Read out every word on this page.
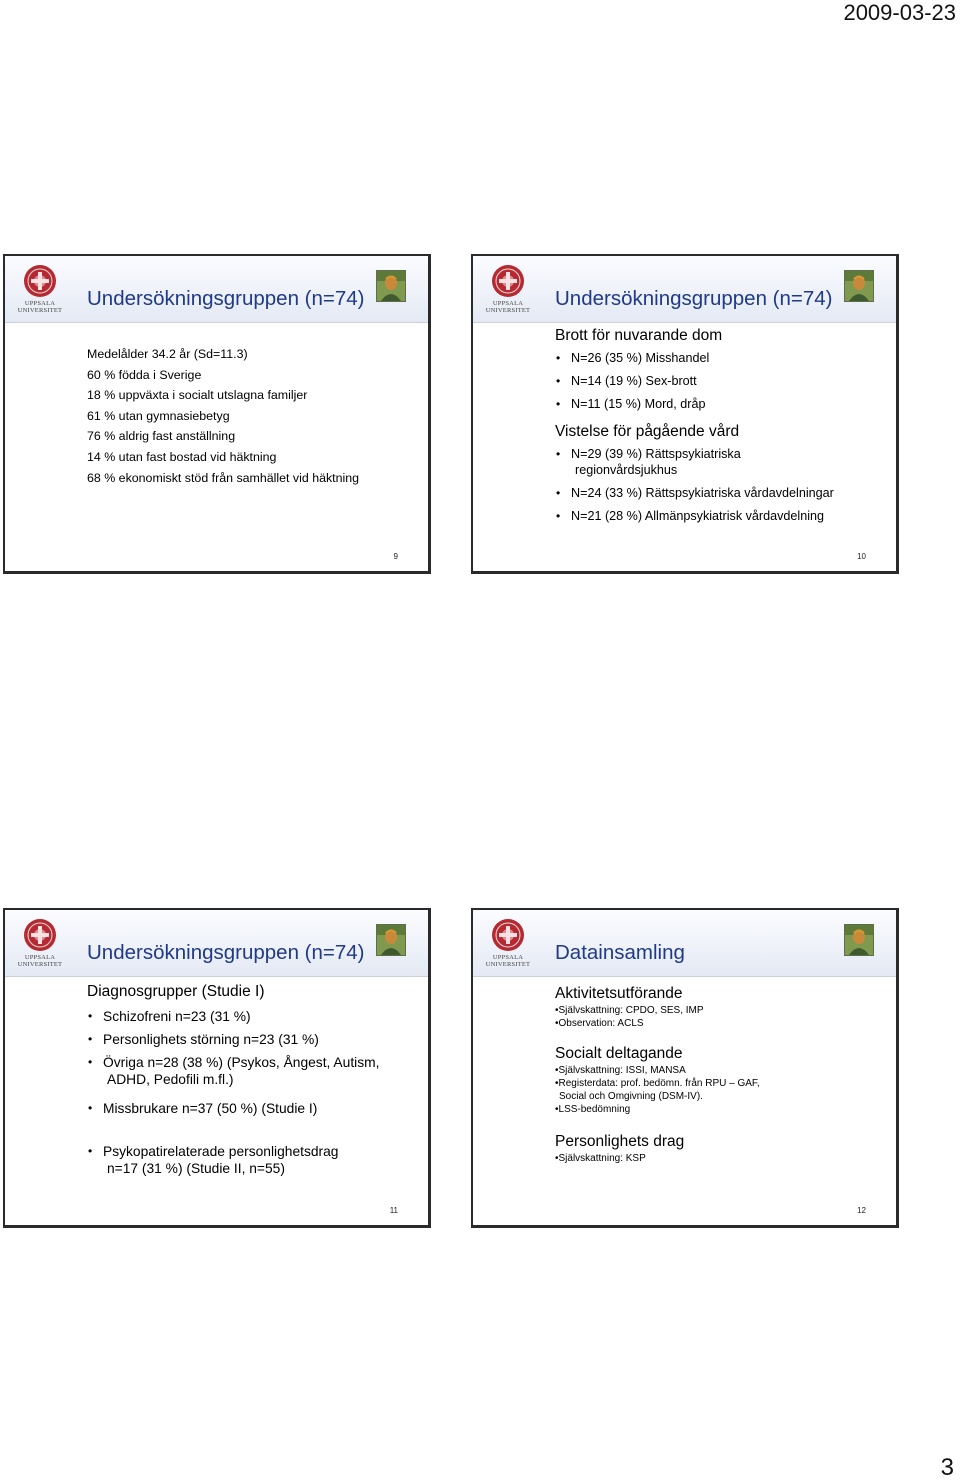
2009-03-23
UPPSALA
UNIVERSITET
Undersökningsgruppen (n=74)
Medelålder 34.2 år (Sd=11.3)
60 % födda i Sverige
18 % uppväxta i socialt utslagna familjer
61 % utan gymnasiebetyg
76 % aldrig fast anställning
14 % utan fast bostad vid häktning
68 % ekonomiskt stöd från samhället vid häktning
9
UPPSALA
UNIVERSITET
Undersökningsgruppen (n=74)
Brott för nuvarande dom
• N=26 (35 %) Misshandel
• N=14 (19 %) Sex-brott
• N=11 (15 %) Mord, dråp
Vistelse för pågående vård
• N=29 (39 %) Rättspsykiatriska
regionvårdsjukhus
• N=24 (33 %) Rättspsykiatriska vårdavdelningar
• N=21 (28 %) Allmänpsykiatrisk vårdavdelning
10
UPPSALA
UNIVERSITET
Undersökningsgruppen (n=74)
Diagnosgrupper (Studie I)
• Schizofreni n=23 (31 %)
• Personlighets störning n=23 (31 %)
• Övriga n=28 (38 %) (Psykos, Ångest, Autism,
ADHD, Pedofili m.fl.)
• Missbrukare n=37 (50 %) (Studie I)
• Psykopatirelaterade personlighetsdrag
n=17 (31 %) (Studie II, n=55)
11
UPPSALA
UNIVERSITET
Datainsamling
Aktivitetsutförande
•Självskattning: CPDO, SES, IMP
•Observation: ACLS
Socialt deltagande
•Självskattning: ISSI, MANSA
•Registerdata: prof. bedömn. från RPU – GAF,
Social och Omgivning (DSM-IV).
•LSS-bedömning
Personlighets drag
•Självskattning: KSP
12
3
